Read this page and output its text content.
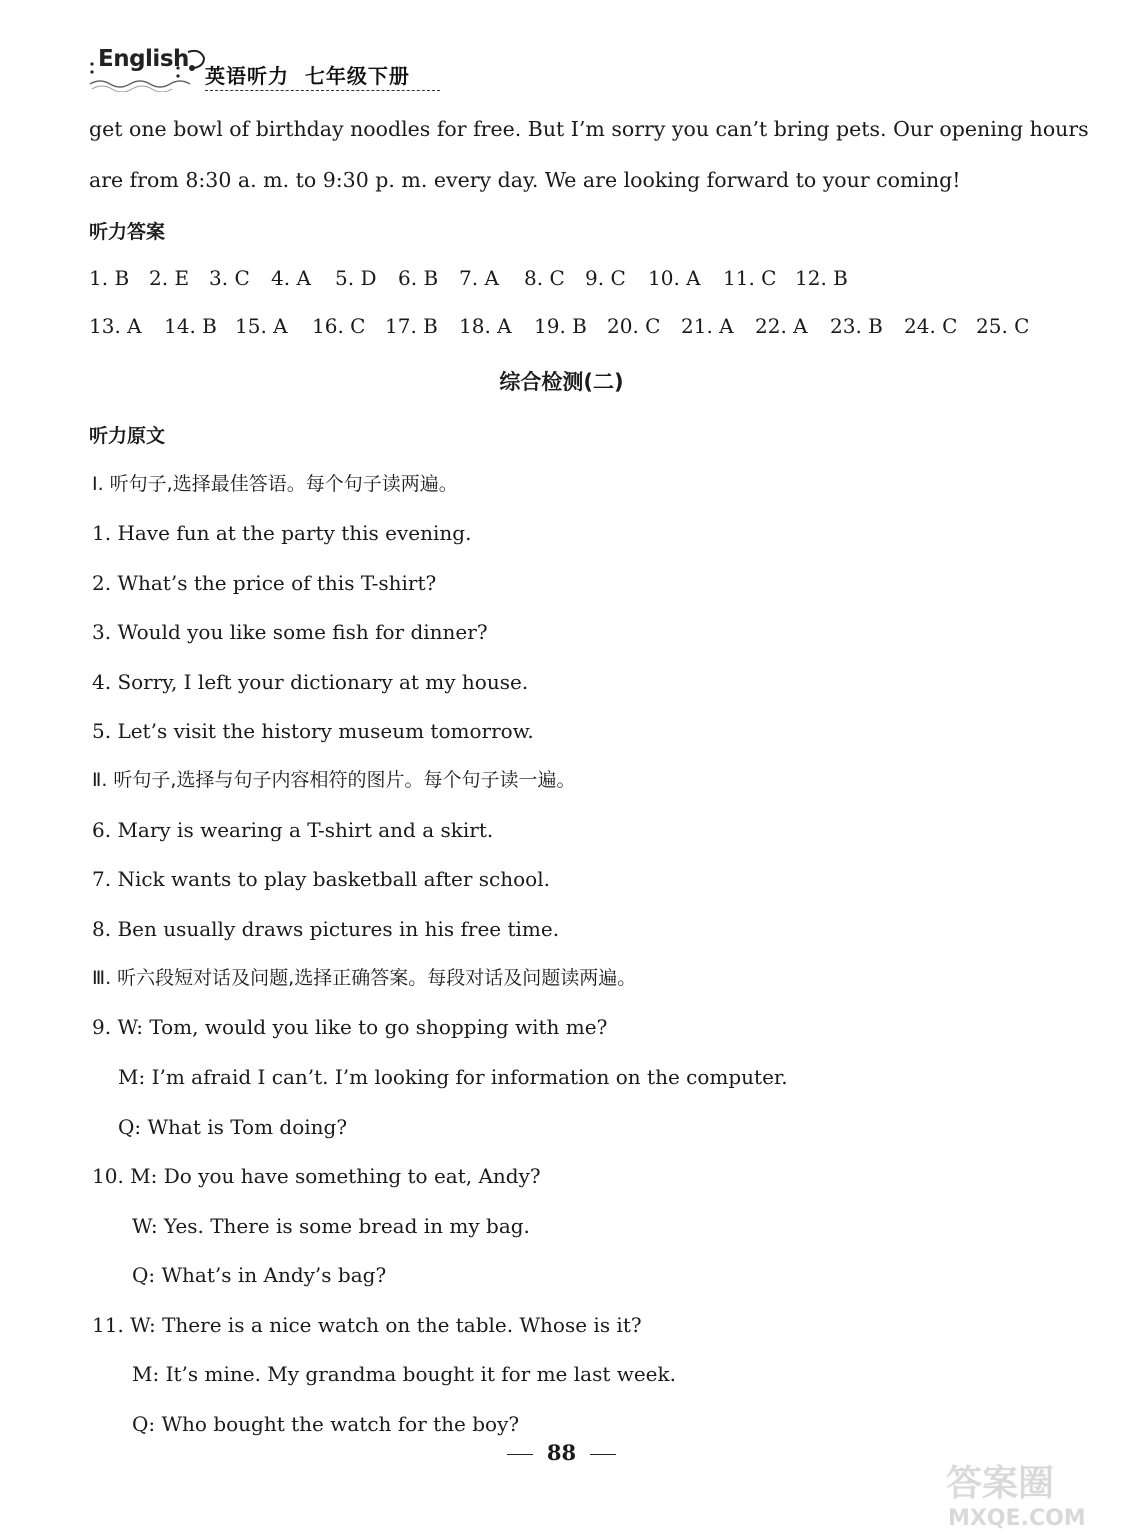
English
英语听力  七年级下册
get one bowl of birthday noodles for free. But I’m sorry you can’t bring pets. Our opening hours
are from 8:30 a. m. to 9:30 p. m. every day. We are looking forward to your coming!
听力答案
1. B 2. E 3. C 4. A 5. D 6. B 7. A 8. C 9. C 10. A 11. C 12. B
13. A 14. B 15. A 16. C 17. B 18. A 19. B 20. C 21. A 22. A 23. B 24. C 25. C
综合检测(二)
听力原文
Ⅰ. 听句子,选择最佳答语。每个句子读两遍。
1. Have fun at the party this evening.
2. What’s the price of this T-shirt?
3. Would you like some fish for dinner?
4. Sorry, I left your dictionary at my house.
5. Let’s visit the history museum tomorrow.
Ⅱ. 听句子,选择与句子内容相符的图片。每个句子读一遍。
6. Mary is wearing a T-shirt and a skirt.
7. Nick wants to play basketball after school.
8. Ben usually draws pictures in his free time.
Ⅲ. 听六段短对话及问题,选择正确答案。每段对话及问题读两遍。
9. W: Tom, would you like to go shopping with me?
M: I’m afraid I can’t. I’m looking for information on the computer.
Q: What is Tom doing?
10. M: Do you have something to eat, Andy?
W: Yes. There is some bread in my bag.
Q: What’s in Andy’s bag?
11. W: There is a nice watch on the table. Whose is it?
M: It’s mine. My grandma bought it for me last week.
Q: Who bought the watch for the boy?
88
答案圈
MXQE.COM
